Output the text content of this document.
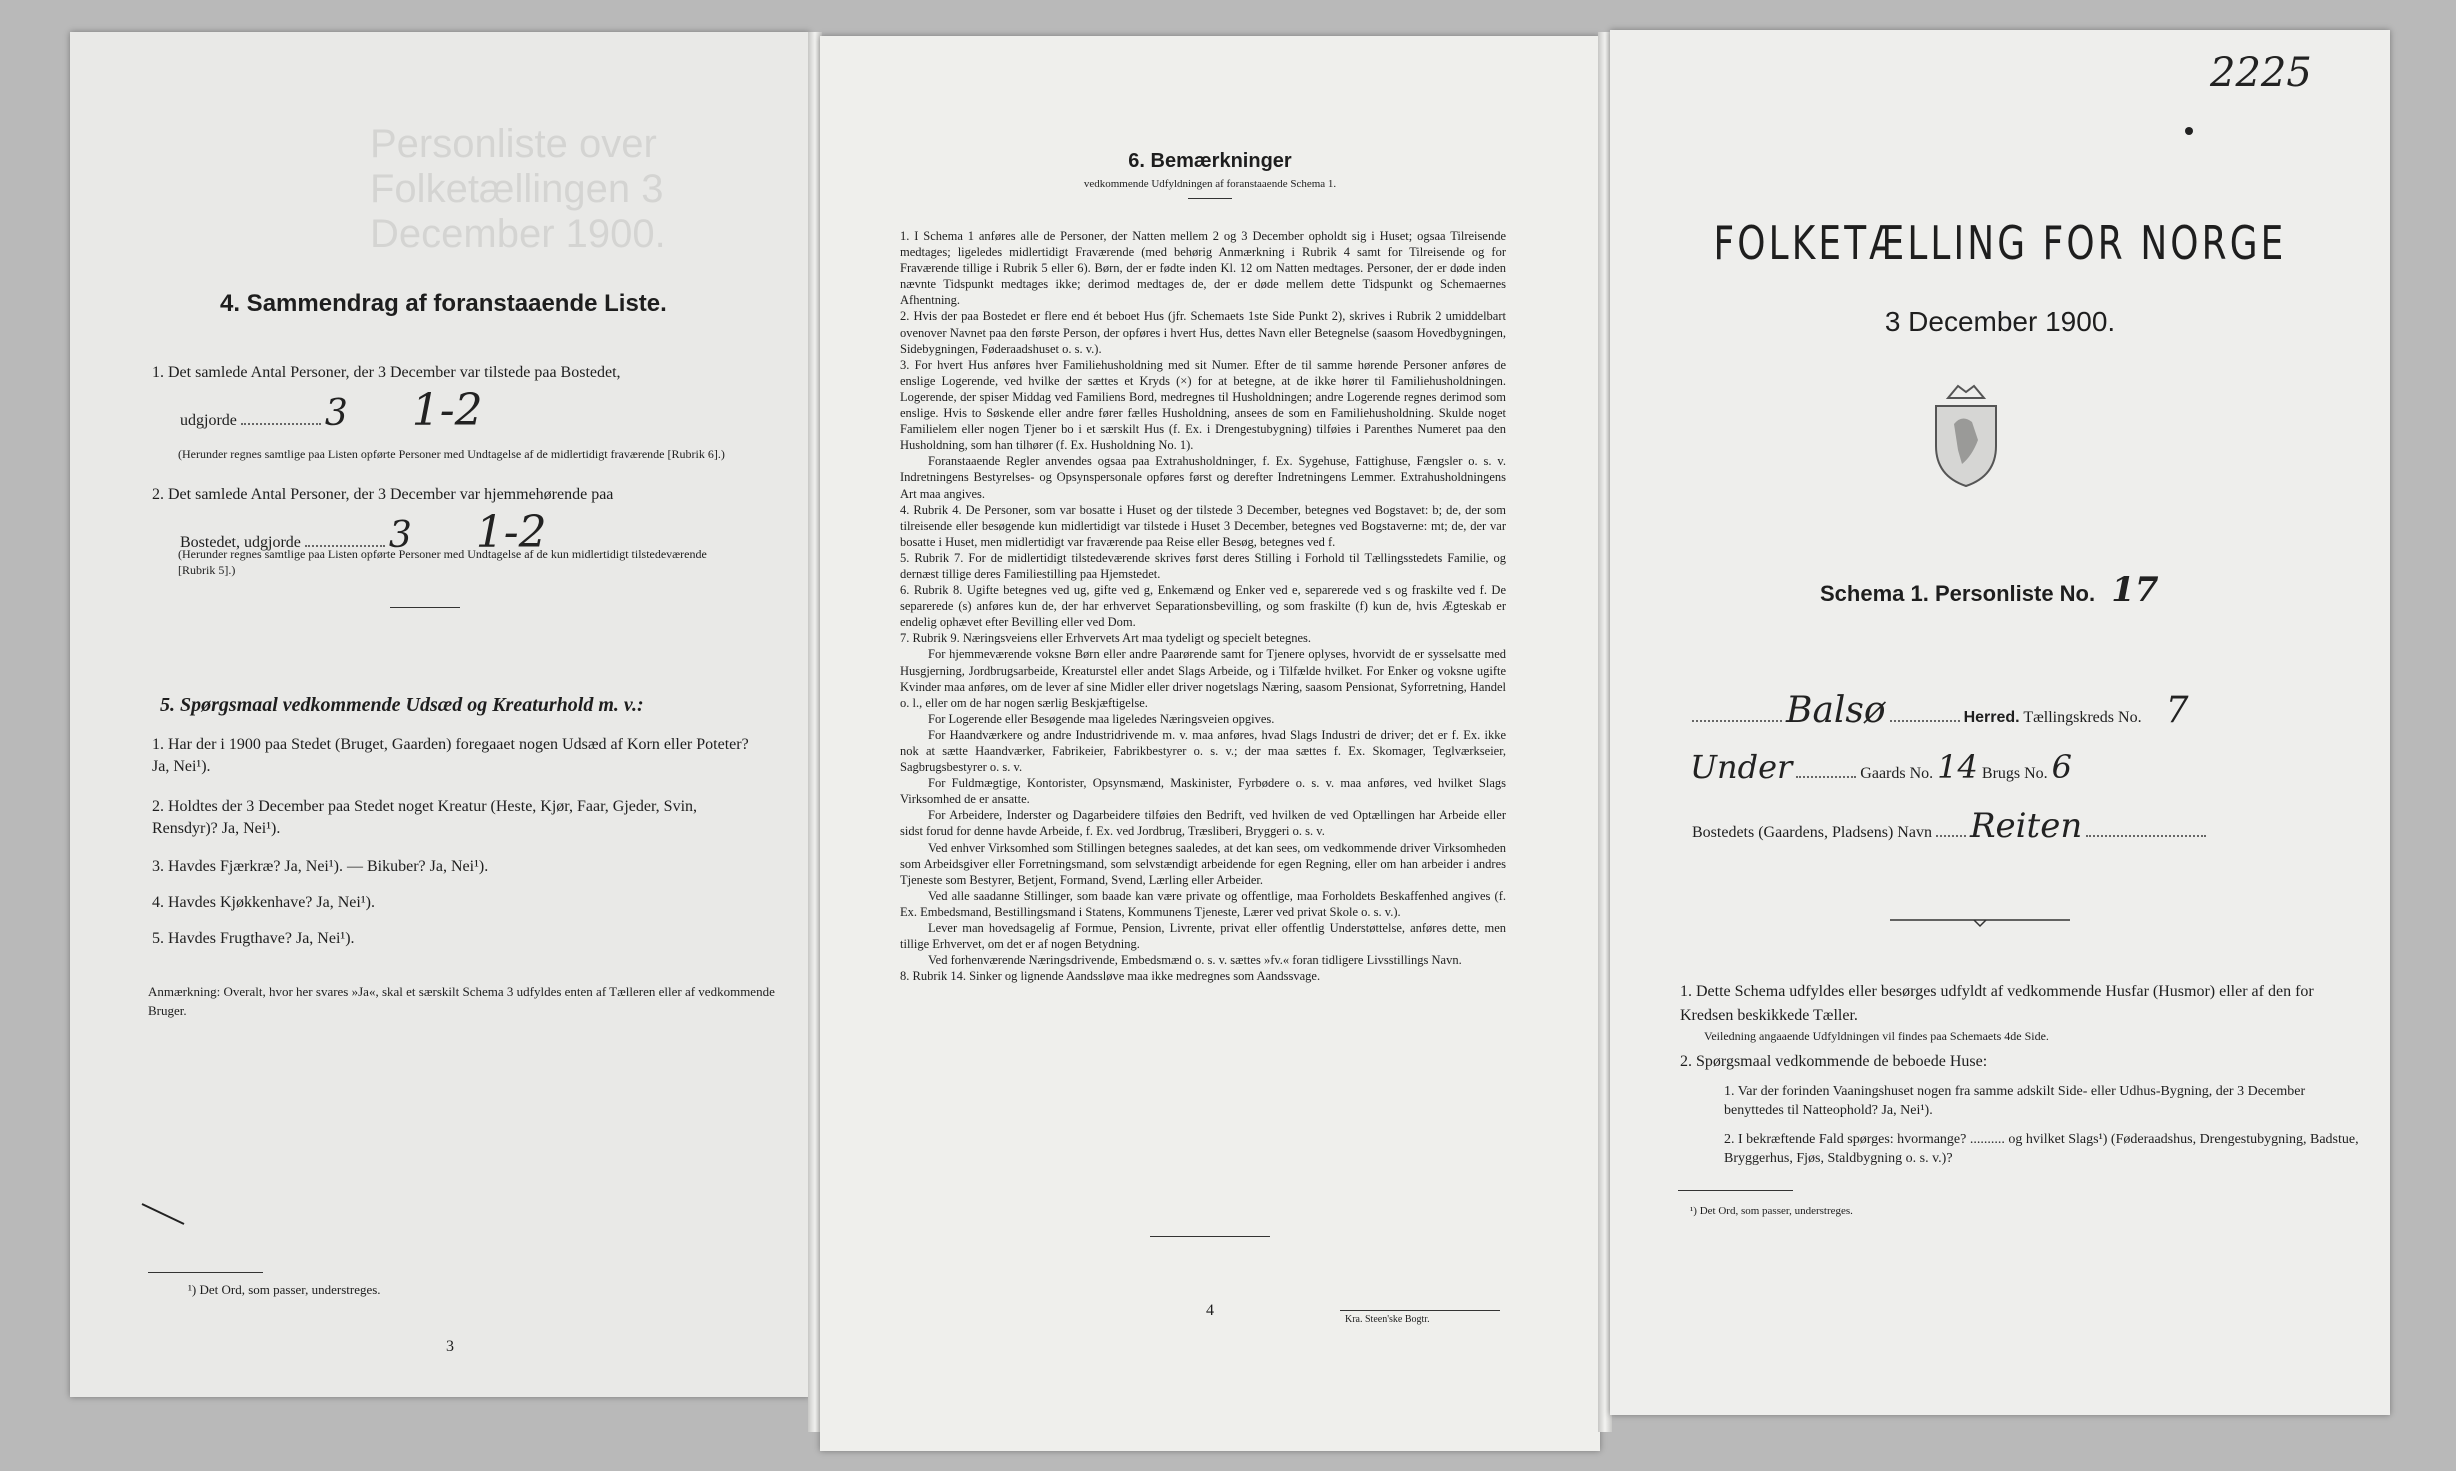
Personliste over Folketællingen 3 December 1900.
4. Sammendrag af foranstaaende Liste.
1. Det samlede Antal Personer, der 3 December var tilstede paa Bostedet,
udgjorde 3 1-2
(Herunder regnes samtlige paa Listen opførte Personer med Undtagelse af de midlertidigt fraværende [Rubrik 6].)
2. Det samlede Antal Personer, der 3 December var hjemmehørende paa
Bostedet, udgjorde 3 1-2
(Herunder regnes samtlige paa Listen opførte Personer med Undtagelse af de kun midlertidigt tilstedeværende [Rubrik 5].)
5. Spørgsmaal vedkommende Udsæd og Kreaturhold m. v.:
1. Har der i 1900 paa Stedet (Bruget, Gaarden) foregaaet nogen Udsæd af Korn eller Poteter? Ja, Nei¹).
2. Holdtes der 3 December paa Stedet noget Kreatur (Heste, Kjør, Faar, Gjeder, Svin, Rensdyr)? Ja, Nei¹).
3. Havdes Fjærkræ? Ja, Nei¹). — Bikuber? Ja, Nei¹).
4. Havdes Kjøkkenhave? Ja, Nei¹).
5. Havdes Frugthave? Ja, Nei¹).
Anmærkning: Overalt, hvor her svares »Ja«, skal et særskilt Schema 3 udfyldes enten af Tælleren eller af vedkommende Bruger.
¹) Det Ord, som passer, understreges.
3
6. Bemærkninger
vedkommende Udfyldningen af foranstaaende Schema 1.

1. I Schema 1 anføres alle de Personer, der Natten mellem 2 og 3 December opholdt sig i Huset; ogsaa Tilreisende medtages; ligeledes midlertidigt Fraværende (med behørig Anmærkning i Rubrik 4 samt for Tilreisende og for Fraværende tillige i Rubrik 5 eller 6). Børn, der er fødte inden Kl. 12 om Natten medtages. Personer, der er døde inden nævnte Tidspunkt medtages ikke; derimod medtages de, der er døde mellem dette Tidspunkt og Schemaernes Afhentning.

2. Hvis der paa Bostedet er flere end ét beboet Hus (jfr. Schemaets 1ste Side Punkt 2), skrives i Rubrik 2 umiddelbart ovenover Navnet paa den første Person, der opføres i hvert Hus, dettes Navn eller Betegnelse (saasom Hovedbygningen, Sidebygningen, Føderaadshuset o. s. v.).

3. For hvert Hus anføres hver Familiehusholdning med sit Numer. Efter de til samme hørende Personer anføres de enslige Logerende, ved hvilke der sættes et Kryds (×) for at betegne, at de ikke hører til Familiehusholdningen. Logerende, der spiser Middag ved Familiens Bord, medregnes til Husholdningen; andre Logerende regnes derimod som enslige. Hvis to Søskende eller andre fører fælles Husholdning, ansees de som en Familiehusholdning. Skulde noget Familielem eller nogen Tjener bo i et særskilt Hus (f. Ex. i Drengestubygning) tilføies i Parenthes Numeret paa den Husholdning, som han tilhører (f. Ex. Husholdning No. 1).

Foranstaaende Regler anvendes ogsaa paa Extrahusholdninger, f. Ex. Sygehuse, Fattighuse, Fængsler o. s. v. Indretningens Bestyrelses- og Opsynspersonale opføres først og derefter Indretningens Lemmer. Extrahusholdningens Art maa angives.

4. Rubrik 4. De Personer, som var bosatte i Huset og der tilstede 3 December, betegnes ved Bogstavet: b; de, der som tilreisende eller besøgende kun midlertidigt var tilstede i Huset 3 December, betegnes ved Bogstaverne: mt; de, der var bosatte i Huset, men midlertidigt var fraværende paa Reise eller Besøg, betegnes ved f.

5. Rubrik 7. For de midlertidigt tilstedeværende skrives først deres Stilling i Forhold til Tællingsstedets Familie, og dernæst tillige deres Familiestilling paa Hjemstedet.

6. Rubrik 8. Ugifte betegnes ved ug, gifte ved g, Enkemænd og Enker ved e, separerede ved s og fraskilte ved f. De separerede (s) anføres kun de, der har erhvervet Separationsbevilling, og som fraskilte (f) kun de, hvis Ægteskab er endelig ophævet efter Bevilling eller ved Dom.

7. Rubrik 9. Næringsveiens eller Erhvervets Art maa tydeligt og specielt betegnes.

For hjemmeværende voksne Børn eller andre Paarørende samt for Tjenere oplyses, hvorvidt de er sysselsatte med Husgjerning, Jordbrugsarbeide, Kreaturstel eller andet Slags Arbeide, og i Tilfælde hvilket. For Enker og voksne ugifte Kvinder maa anføres, om de lever af sine Midler eller driver nogetslags Næring, saasom Pensionat, Syforretning, Handel o. l., eller om de har nogen særlig Beskjæftigelse.

For Logerende eller Besøgende maa ligeledes Næringsveien opgives.

For Haandværkere og andre Industridrivende m. v. maa anføres, hvad Slags Industri de driver; det er f. Ex. ikke nok at sætte Haandværker, Fabrikeier, Fabrikbestyrer o. s. v.; der maa sættes f. Ex. Skomager, Teglværkseier, Sagbrugsbestyrer o. s. v.

For Fuldmægtige, Kontorister, Opsynsmænd, Maskinister, Fyrbødere o. s. v. maa anføres, ved hvilket Slags Virksomhed de er ansatte.

For Arbeidere, Inderster og Dagarbeidere tilføies den Bedrift, ved hvilken de ved Optællingen har Arbeide eller sidst forud for denne havde Arbeide, f. Ex. ved Jordbrug, Træsliberi, Bryggeri o. s. v.

Ved enhver Virksomhed som Stillingen betegnes saaledes, at det kan sees, om vedkommende driver Virksomheden som Arbeidsgiver eller Forretningsmand, som selvstændigt arbeidende for egen Regning, eller om han arbeider i andres Tjeneste som Bestyrer, Betjent, Formand, Svend, Lærling eller Arbeider.

Ved alle saadanne Stillinger, som baade kan være private og offentlige, maa Forholdets Beskaffenhed angives (f. Ex. Embedsmand, Bestillingsmand i Statens, Kommunens Tjeneste, Lærer ved privat Skole o. s. v.).

Lever man hovedsagelig af Formue, Pension, Livrente, privat eller offentlig Understøttelse, anføres dette, men tillige Erhvervet, om det er af nogen Betydning.

Ved forhenværende Næringsdrivende, Embedsmænd o. s. v. sættes »fv.« foran tidligere Livsstillings Navn.

8. Rubrik 14. Sinker og lignende Aandssløve maa ikke medregnes som Aandssvage.

4
Kra. Steen'ske Bogtr.
2225
FOLKETÆLLING FOR NORGE
3 December 1900.
Schema 1. Personliste No. 17
Balsø	Herred. Tællingskreds No. 7
Under	Gaards No. 14 Brugs No. 6
Bostedets (Gaardens, Pladsens) Navn Reiten
1. Dette Schema udfyldes eller besørges udfyldt af vedkommende Husfar (Husmor) eller af den for Kredsen beskikkede Tæller.
Veiledning angaaende Udfyldningen vil findes paa Schemaets 4de Side.
2. Spørgsmaal vedkommende de beboede Huse:
1. Var der forinden Vaaningshuset nogen fra samme adskilt Side- eller Udhus-Bygning, der 3 December benyttedes til Natteophold? Ja, Nei¹).
2. I bekræftende Fald spørges: hvormange? .......... og hvilket Slags¹) (Føderaadshus, Drengestubygning, Badstue, Bryggerhus, Fjøs, Staldbygning o. s. v.)?
¹) Det Ord, som passer, understreges.
